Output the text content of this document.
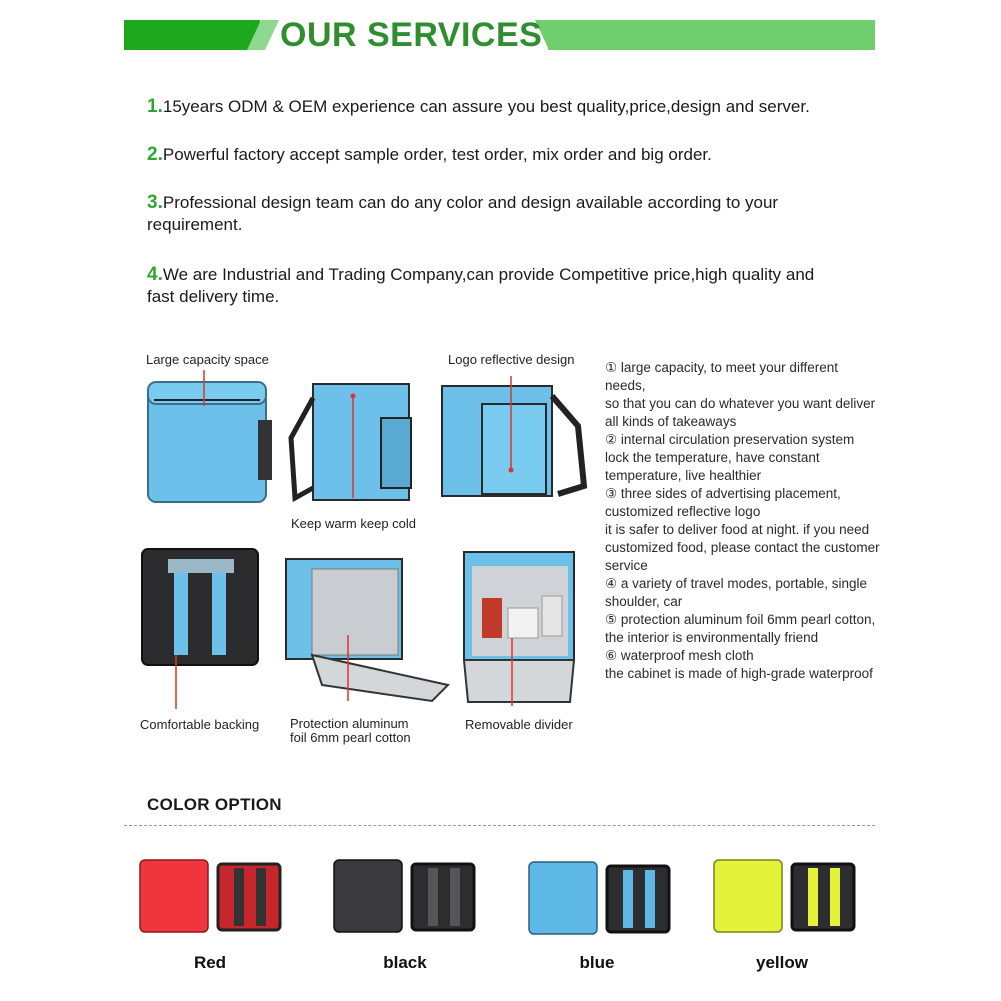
OUR SERVICES
1.15years ODM & OEM experience can assure you best quality,price,design and server.
2.Powerful factory accept sample order, test order, mix order and big order.
3.Professional design team can do any color and design available according to your requirement.
4.We are Industrial and Trading Company,can provide Competitive price,high quality and fast delivery time.
Large capacity space	Logo reflective design
Keep warm keep cold
Comfortable backing Protection aluminum
foil 6mm pearl cotton
Removable divider
① large capacity, to meet your different needs,
so that you can do whatever you want deliver all kinds of takeaways
② internal circulation preservation system lock the temperature, have constant temperature, live healthier
③ three sides of advertising placement, customized reflective logo
it is safer to deliver food at night. if you need customized food, please contact the customer service
④ a variety of travel modes, portable, single shoulder, car
⑤ protection aluminum foil 6mm pearl cotton, the interior is environmentally friend
⑥ waterproof mesh cloth
the cabinet is made of high-grade waterproof
COLOR OPTION
Red	black	blue	yellow
